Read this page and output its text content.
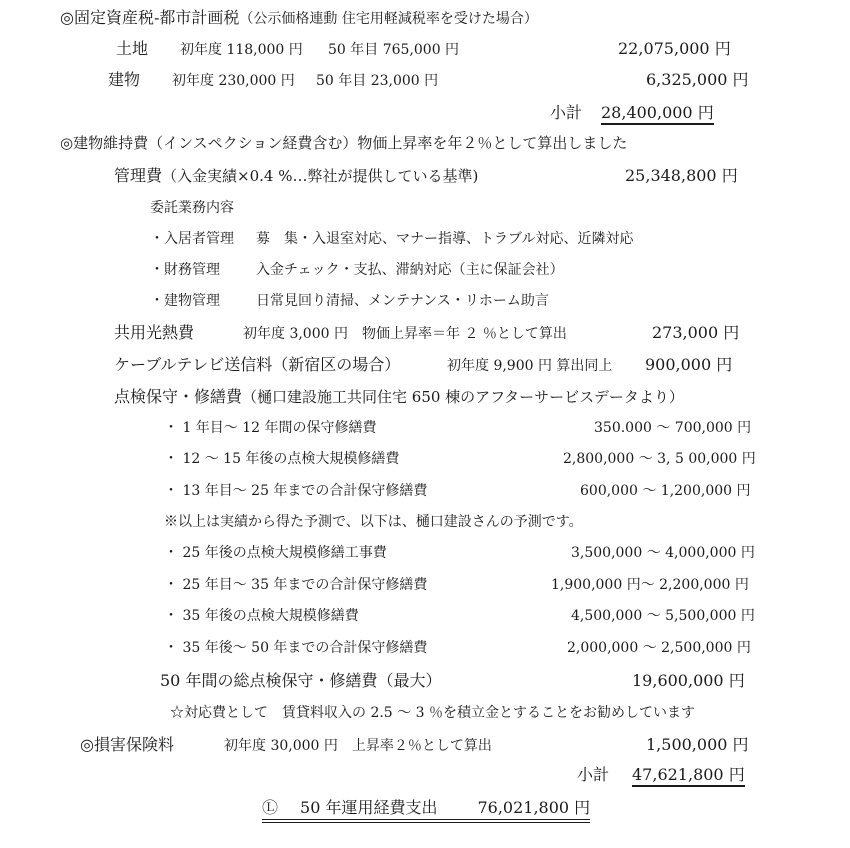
◎固定資産税-都市計画税（公示価格連動 住宅用軽減税率を受けた場合）
土地 初年度 118,000 円 50 年目 765,000 円	22,075,000 円
建物 初年度 230,000 円 50 年目 23,000 円	6,325,000 円
小計 28,400,000 円
◎建物維持費（インスペクション経費含む）物価上昇率を年２％として算出しました
管理費（入金実績×0.4 %…弊社が提供している基準)	25,348,800 円
委託業務内容
・入居者管理 募　集・入退室対応、マナー指導、トラブル対応、近隣対応
・財務管理	入金チェック・支払、滞納対応（主に保証会社）
・建物管理	日常見回り清掃、メンテナンス・リホーム助言
共用光熱費	初年度 3,000 円　物価上昇率＝年 ２ ％として算出	273,000 円
ケーブルテレビ送信料（新宿区の場合）	初年度 9,900 円 算出同上 900,000 円
点検保守・修繕費（樋口建設施工共同住宅 650 棟のアフターサービスデータより）
・ 1 年目～ 12 年間の保守修繕費	350.000 ～ 700,000 円
・ 12 ～ 15 年後の点検大規模修繕費	2,800,000 ～ 3, 5 00,000 円
・ 13 年目～ 25 年までの合計保守修繕費	600,000 ～ 1,200,000 円
※以上は実績から得た予測で、以下は、樋口建設さんの予測です。
・ 25 年後の点検大規模修繕工事費	3,500,000 ～ 4,000,000 円
・ 25 年目～ 35 年までの合計保守修繕費	1,900,000 円～ 2,200,000 円
・ 35 年後の点検大規模修繕費	4,500,000 ～ 5,500,000 円
・ 35 年後～ 50 年までの合計保守修繕費	2,000,000 ～ 2,500,000 円
50 年間の総点検保守・修繕費（最大）	19,600,000 円
☆対応費として　賃貸料収入の 2.5 ～ 3 ％を積立金とすることをお勧めしています
◎損害保険料	初年度 30,000 円　上昇率２％として算出	1,500,000 円
小計 47,621,800 円
Ⓛ 50 年運用経費支出	76,021,800 円
